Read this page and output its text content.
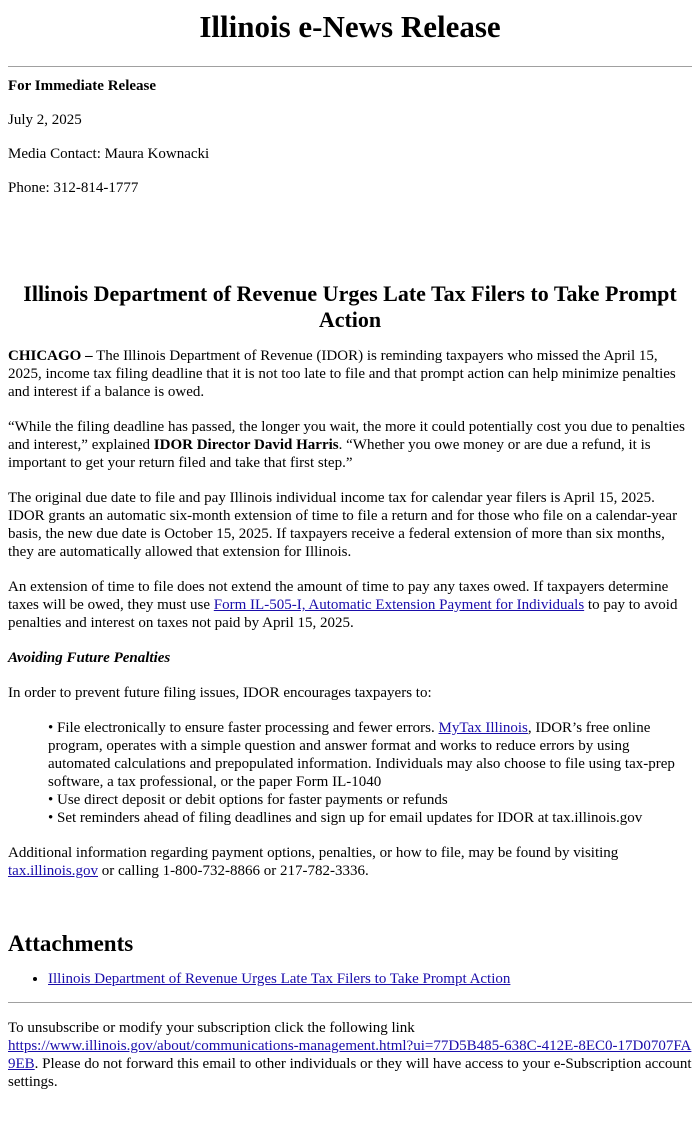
Illinois e-News Release

For Immediate Release

July 2, 2025

Media Contact: Maura Kownacki

Phone: 312-814-1777

Illinois Department of Revenue Urges Late Tax Filers to Take Prompt Action

CHICAGO – The Illinois Department of Revenue (IDOR) is reminding taxpayers who missed the April 15, 2025, income tax filing deadline that it is not too late to file and that prompt action can help minimize penalties and interest if a balance is owed.

“While the filing deadline has passed, the longer you wait, the more it could potentially cost you due to penalties and interest,” explained IDOR Director David Harris. “Whether you owe money or are due a refund, it is important to get your return filed and take that first step.”

The original due date to file and pay Illinois individual income tax for calendar year filers is April 15, 2025. IDOR grants an automatic six-month extension of time to file a return and for those who file on a calendar-year basis, the new due date is October 15, 2025. If taxpayers receive a federal extension of more than six months, they are automatically allowed that extension for Illinois.

An extension of time to file does not extend the amount of time to pay any taxes owed. If taxpayers determine taxes will be owed, they must use Form IL-505-I, Automatic Extension Payment for Individuals to pay to avoid penalties and interest on taxes not paid by April 15, 2025.

Avoiding Future Penalties

In order to prevent future filing issues, IDOR encourages taxpayers to:

• File electronically to ensure faster processing and fewer errors. MyTax Illinois, IDOR’s free online program, operates with a simple question and answer format and works to reduce errors by using automated calculations and prepopulated information. Individuals may also choose to file using tax-prep software, a tax professional, or the paper Form IL-1040
• Use direct deposit or debit options for faster payments or refunds
• Set reminders ahead of filing deadlines and sign up for email updates for IDOR at tax.illinois.gov

Additional information regarding payment options, penalties, or how to file, may be found by visiting tax.illinois.gov or calling 1-800-732-8866 or 217-782-3336.

Attachments
• Illinois Department of Revenue Urges Late Tax Filers to Take Prompt Action

To unsubscribe or modify your subscription click the following link

https://www.illinois.gov/about/communications-management.html?ui=77D5B485-638C-412E-8EC0-17D0707FA9EB. Please do not forward this email to other individuals or they will have access to your e-Subscription account settings.
